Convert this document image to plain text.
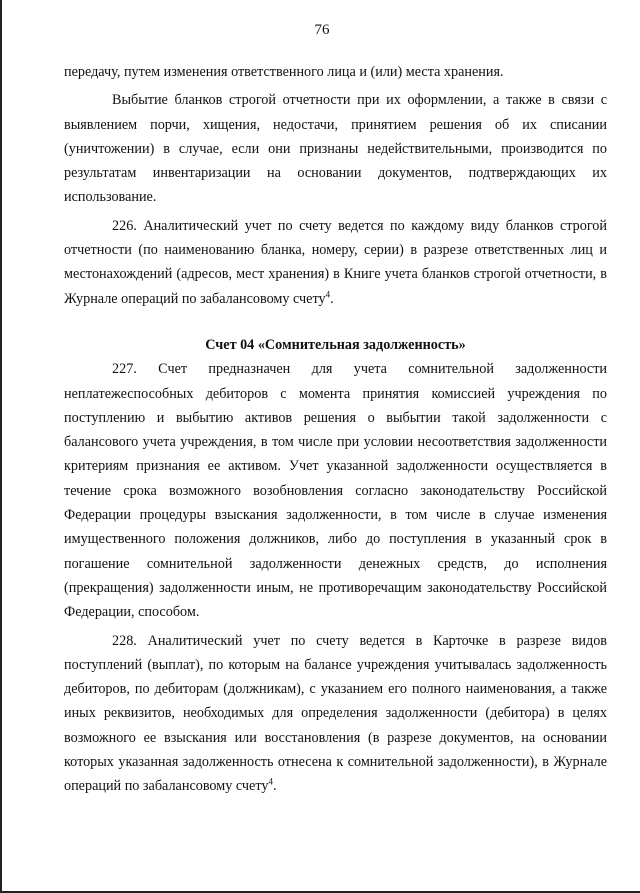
76

передачу, путем изменения ответственного лица и (или) места хранения.

Выбытие бланков строгой отчетности при их оформлении, а также в связи с выявлением порчи, хищения, недостачи, принятием решения об их списании (уничтожении) в случае, если они признаны недействительными, производится по результатам инвентаризации на основании документов, подтверждающих их использование.

226. Аналитический учет по счету ведется по каждому виду бланков строгой отчетности (по наименованию бланка, номеру, серии) в разрезе ответственных лиц и местонахождений (адресов, мест хранения) в Книге учета бланков строгой отчетности, в Журнале операций по забалансовому счету$^4$.

Счет 04 «Сомнительная задолженность»

227. Счет предназначен для учета сомнительной задолженности неплатежеспособных дебиторов с момента принятия комиссией учреждения по поступлению и выбытию активов решения о выбытии такой задолженности с балансового учета учреждения, в том числе при условии несоответствия задолженности критериям признания ее активом. Учет указанной задолженности осуществляется в течение срока возможного возобновления согласно законодательству Российской Федерации процедуры взыскания задолженности, в том числе в случае изменения имущественного положения должников, либо до поступления в указанный срок в погашение сомнительной задолженности денежных средств, до исполнения (прекращения) задолженности иным, не противоречащим законодательству Российской Федерации, способом.

228. Аналитический учет по счету ведется в Карточке в разрезе видов поступлений (выплат), по которым на балансе учреждения учитывалась задолженность дебиторов, по дебиторам (должникам), с указанием его полного наименования, а также иных реквизитов, необходимых для определения задолженности (дебитора) в целях возможного ее взыскания или восстановления (в разрезе документов, на основании которых указанная задолженность отнесена к сомнительной задолженности), в Журнале операций по забалансовому счету$^4$.
